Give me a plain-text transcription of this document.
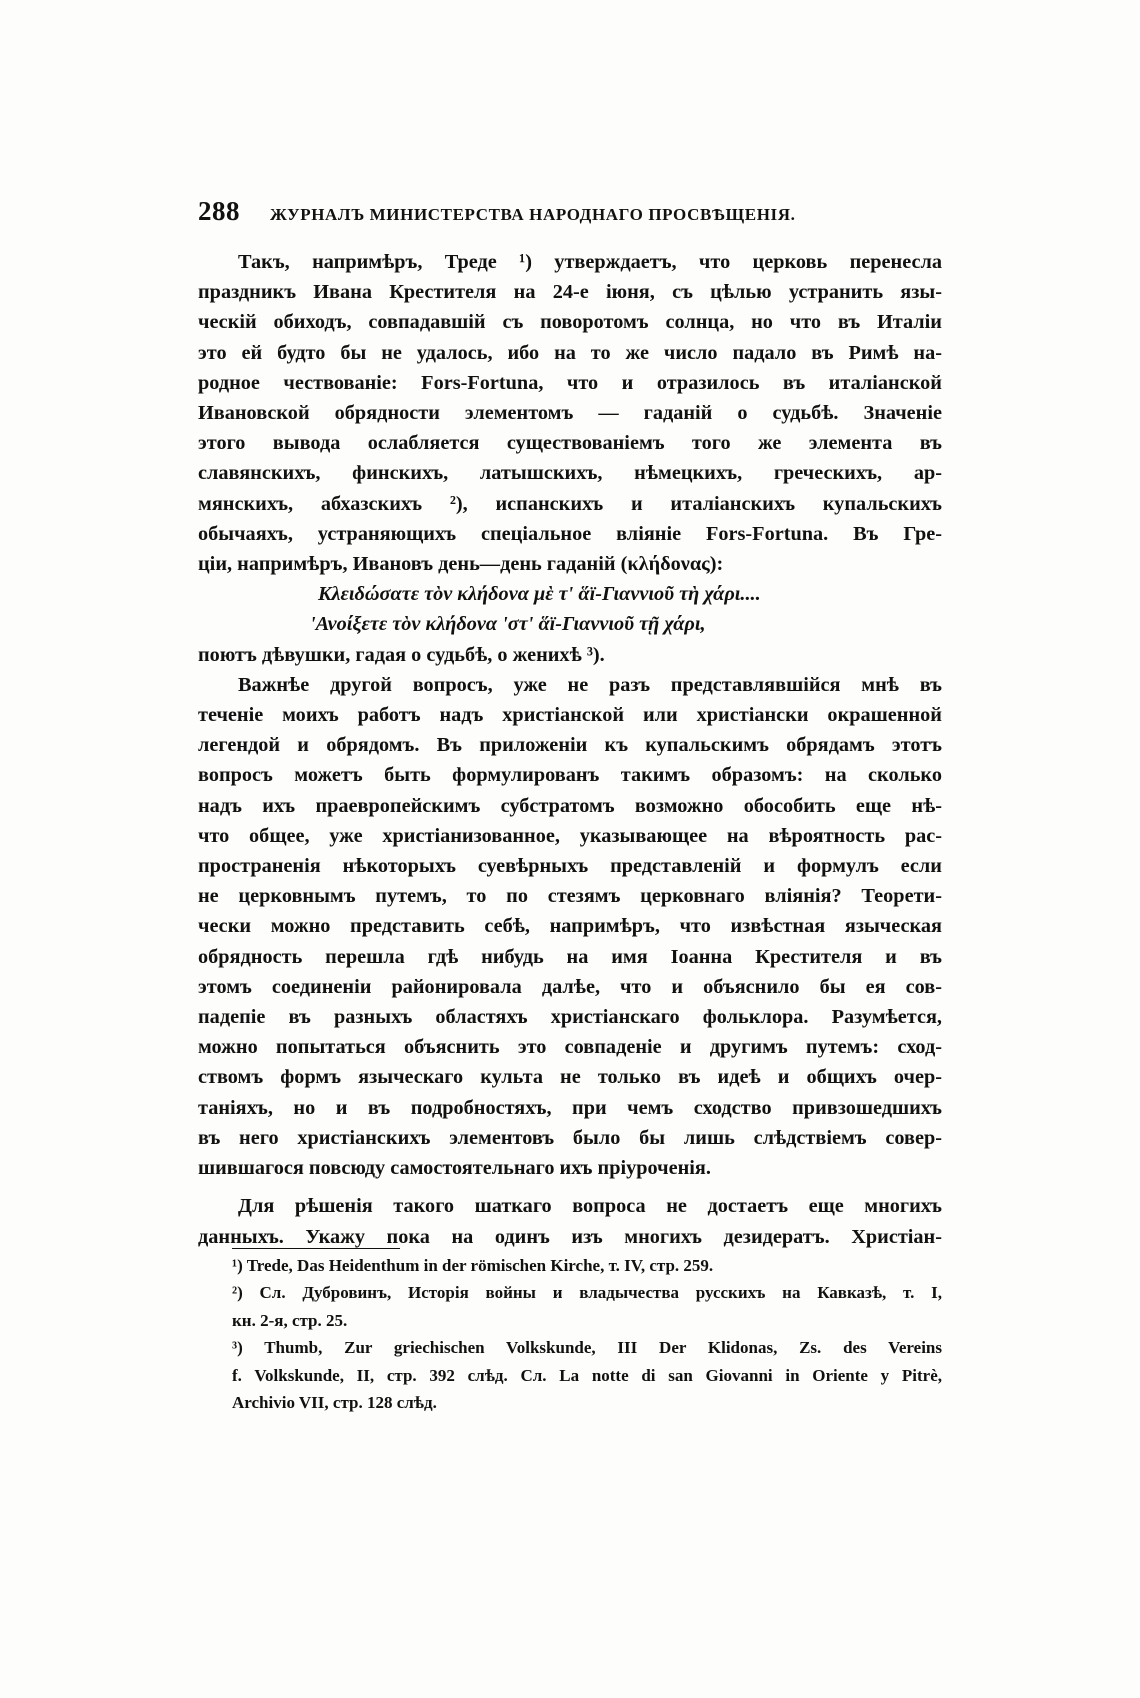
288 ЖУРНАЛЪ МИНИСТЕРСТВА НАРОДНАГО ПРОСВѢЩЕНІЯ.
Такъ, напримѣръ, Треде ¹) утверждаетъ, что церковь перенесла
праздникъ Ивана Крестителя на 24-е іюня, съ цѣлью устранить язы-
ческій обиходъ, совпадавшій съ поворотомъ солнца, но что въ Италіи
это ей будто бы не удалось, ибо на то же число падало въ Римѣ на-
родное чествованіе: Fors-Fortuna, что и отразилось въ италіанской
Ивановской обрядности элементомъ — гаданій о судьбѣ. Значеніе
этого вывода ослабляется существованіемъ того же элемента въ
славянскихъ, финскихъ, латышскихъ, нѣмецкихъ, греческихъ, ар-
мянскихъ, абхазскихъ ²), испанскихъ и италіанскихъ купальскихъ
обычаяхъ, устраняющихъ спеціальное вліяніе Fors-Fortuna. Въ Гре-
ціи, напримѣръ, Ивановъ день—день гаданій (κλήδονας):
Κλειδώσατε τὸν κλήδονα μὲ τ' ἅϊ-Γιαννιοῦ τὴ χάρι....
'Ανοίξετε τὸν κλήδονα 'στ' ἅϊ-Γιαννιοῦ τῇ χάρι,
поютъ дѣвушки, гадая о судьбѣ, о женихѣ ³).
Важнѣе другой вопросъ, уже не разъ представлявшійся мнѣ въ
теченіе моихъ работъ надъ христіанской или христіански окрашенной
легендой и обрядомъ. Въ приложеніи къ купальскимъ обрядамъ этотъ
вопросъ можетъ быть формулированъ такимъ образомъ: на сколько
надъ ихъ праевропейскимъ субстратомъ возможно обособить еще нѣ-
что общее, уже христіанизованное, указывающее на вѣроятность рас-
пространенія нѣкоторыхъ суевѣрныхъ представленій и формулъ если
не церковнымъ путемъ, то по стезямъ церковнаго вліянія? Теорети-
чески можно представить себѣ, напримѣръ, что извѣстная языческая
обрядность перешла гдѣ нибудь на имя Іоанна Крестителя и въ
этомъ соединеніи районировала далѣе, что и объяснило бы ея сов-
падепіе въ разныхъ областяхъ христіанскаго фольклора. Разумѣется,
можно попытаться объяснить это совпаденіе и другимъ путемъ: сход-
ствомъ формъ языческаго культа не только въ идеѣ и общихъ очер-
таніяхъ, но и въ подробностяхъ, при чемъ сходство привзошедшихъ
въ него христіанскихъ элементовъ было бы лишь слѣдствіемъ совер-
шившагося повсюду самостоятельнаго ихъ пріуроченія.
Для рѣшенія такого шаткаго вопроса не достаетъ еще многихъ
данныхъ. Укажу пока на одинъ изъ многихъ дезидератъ. Христіан-
¹) Trede, Das Heidenthum in der römischen Kirche, т. IV, стр. 259.
²) Сл. Дубровинъ, Исторія войны и владычества русскихъ на Кавказѣ, т. I,
кн. 2-я, стр. 25.
³) Thumb, Zur griechischen Volkskunde, III Der Klidonas, Zs. des Vereins
f. Volkskunde, II, стр. 392 слѣд. Сл. La notte di san Giovanni in Oriente y Pitrè,
Archivio VII, стр. 128 слѣд.
